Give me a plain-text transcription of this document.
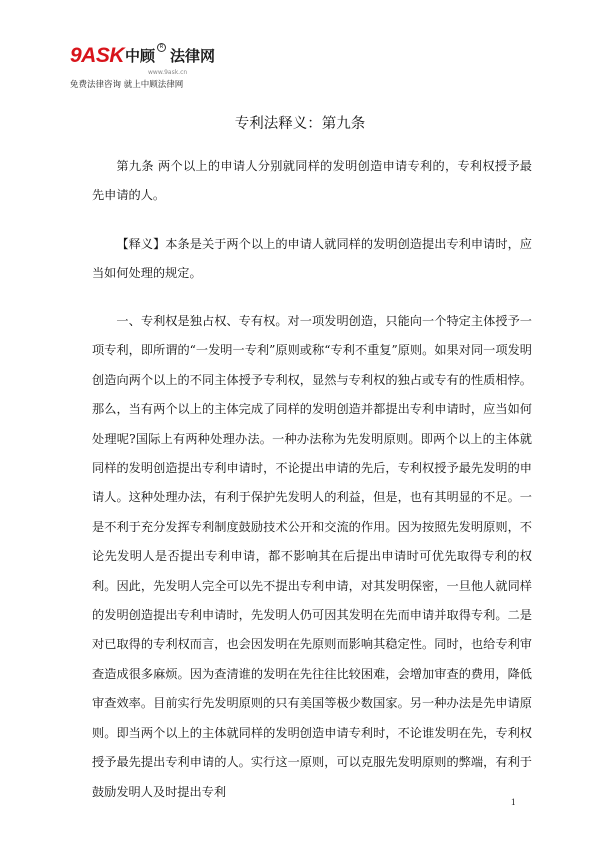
9ASK 中顾 R 法律网
www.9ask.cn
免费法律咨询 就上中顾法律网
专利法释义：第九条

第九条 两个以上的申请人分别就同样的发明创造申请专利的，专利权授予最先申请的人。

【释义】本条是关于两个以上的申请人就同样的发明创造提出专利申请时，应当如何处理的规定。

一、专利权是独占权、专有权。对一项发明创造，只能向一个特定主体授予一项专利，即所谓的“一发明一专利”原则或称“专利不重复”原则。如果对同一项发明创造向两个以上的不同主体授予专利权，显然与专利权的独占或专有的性质相悖。那么，当有两个以上的主体完成了同样的发明创造并都提出专利申请时，应当如何处理呢?国际上有两种处理办法。一种办法称为先发明原则。即两个以上的主体就同样的发明创造提出专利申请时，不论提出申请的先后，专利权授予最先发明的申请人。这种处理办法，有利于保护先发明人的利益，但是，也有其明显的不足。一是不利于充分发挥专利制度鼓励技术公开和交流的作用。因为按照先发明原则，不论先发明人是否提出专利申请，都不影响其在后提出申请时可优先取得专利的权利。因此，先发明人完全可以先不提出专利申请，对其发明保密，一旦他人就同样的发明创造提出专利申请时，先发明人仍可因其发明在先而申请并取得专利。二是对已取得的专利权而言，也会因发明在先原则而影响其稳定性。同时，也给专利审查造成很多麻烦。因为查清谁的发明在先往往比较困难，会增加审查的费用，降低审查效率。目前实行先发明原则的只有美国等极少数国家。另一种办法是先申请原则。即当两个以上的主体就同样的发明创造申请专利时，不论谁发明在先，专利权授予最先提出专利申请的人。实行这一原则，可以克服先发明原则的弊端，有利于鼓励发明人及时提出专利

1
